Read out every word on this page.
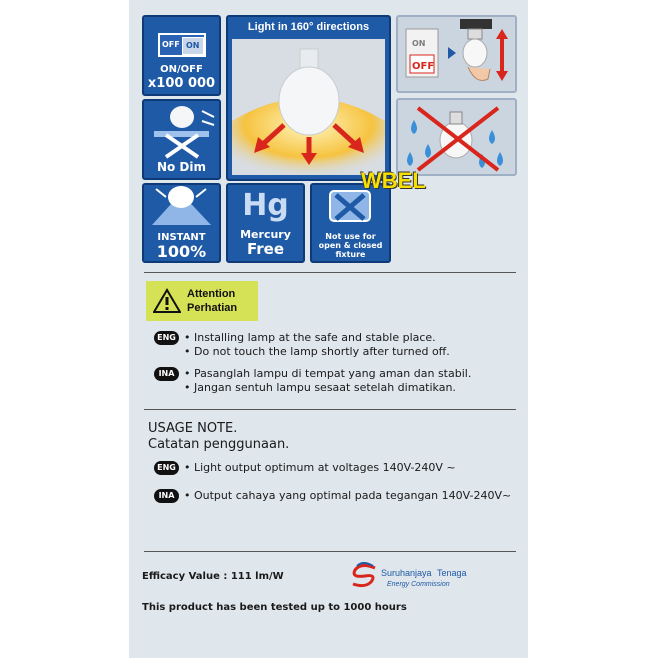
OFF ON
ON/OFF
x100 000
Light in 160° directions
ON
OFF
No Dim
INSTANT
100%
Hg
Mercury
Free
Not use for
open & closed
fixture
WBEL
Attention
Perhatian
ENG • Installing lamp at the safe and stable place.
• Do not touch the lamp shortly after turned off.
INA • Pasanglah lampu di tempat yang aman dan stabil.
• Jangan sentuh lampu sesaat setelah dimatikan.
USAGE NOTE.
Catatan penggunaan.
ENG • Light output optimum at voltages 140V-240V ~
INA • Output cahaya yang optimal pada tegangan 140V-240V~
Efficacy Value : 111 lm/W	Suruhanjaya Tenaga
Energy Commission
This product has been tested up to 1000 hours
